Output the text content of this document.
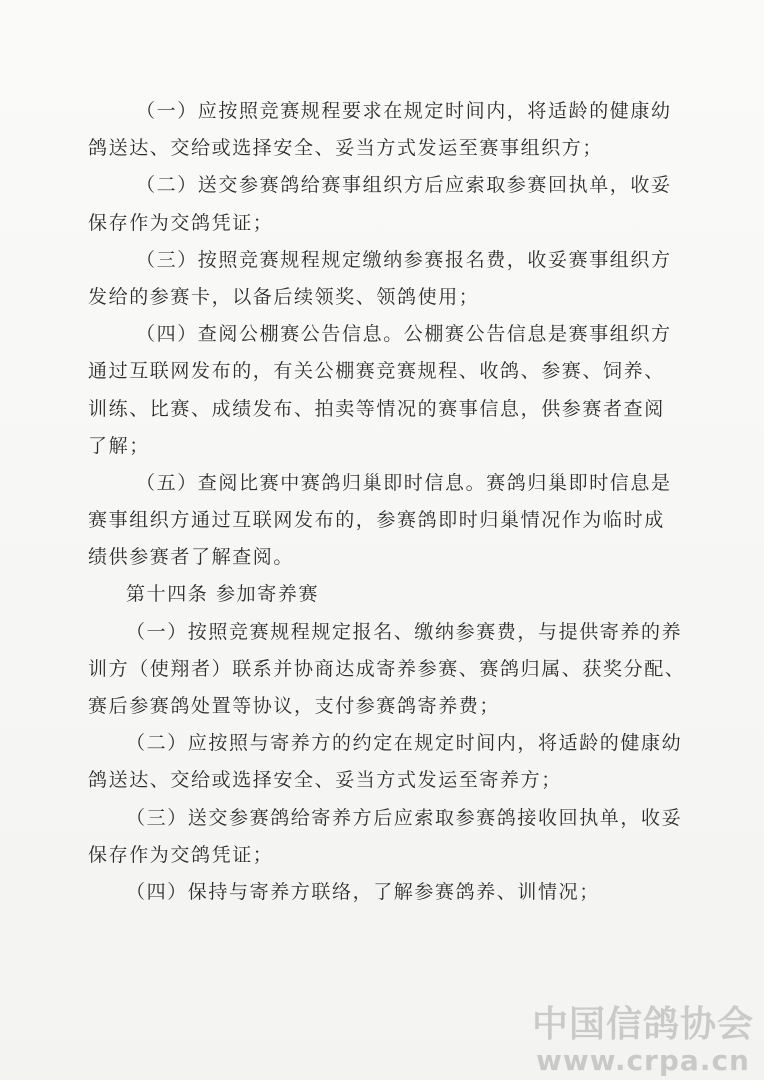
（一）应按照竞赛规程要求在规定时间内，将适龄的健康幼
鸽送达、交给或选择安全、妥当方式发运至赛事组织方；
（二）送交参赛鸽给赛事组织方后应索取参赛回执单，收妥
保存作为交鸽凭证；
（三）按照竞赛规程规定缴纳参赛报名费，收妥赛事组织方
发给的参赛卡，以备后续领奖、领鸽使用；
（四）查阅公棚赛公告信息。公棚赛公告信息是赛事组织方
通过互联网发布的，有关公棚赛竞赛规程、收鸽、参赛、饲养、
训练、比赛、成绩发布、拍卖等情况的赛事信息，供参赛者查阅
了解；
（五）查阅比赛中赛鸽归巢即时信息。赛鸽归巢即时信息是
赛事组织方通过互联网发布的，参赛鸽即时归巢情况作为临时成
绩供参赛者了解查阅。
第十四条 参加寄养赛
（一）按照竞赛规程规定报名、缴纳参赛费，与提供寄养的养
训方（使翔者）联系并协商达成寄养参赛、赛鸽归属、获奖分配、
赛后参赛鸽处置等协议，支付参赛鸽寄养费；
（二）应按照与寄养方的约定在规定时间内，将适龄的健康幼
鸽送达、交给或选择安全、妥当方式发运至寄养方；
（三）送交参赛鸽给寄养方后应索取参赛鸽接收回执单，收妥
保存作为交鸽凭证；
（四）保持与寄养方联络，了解参赛鸽养、训情况；
中国信鸽协会
www.crpa.cn
